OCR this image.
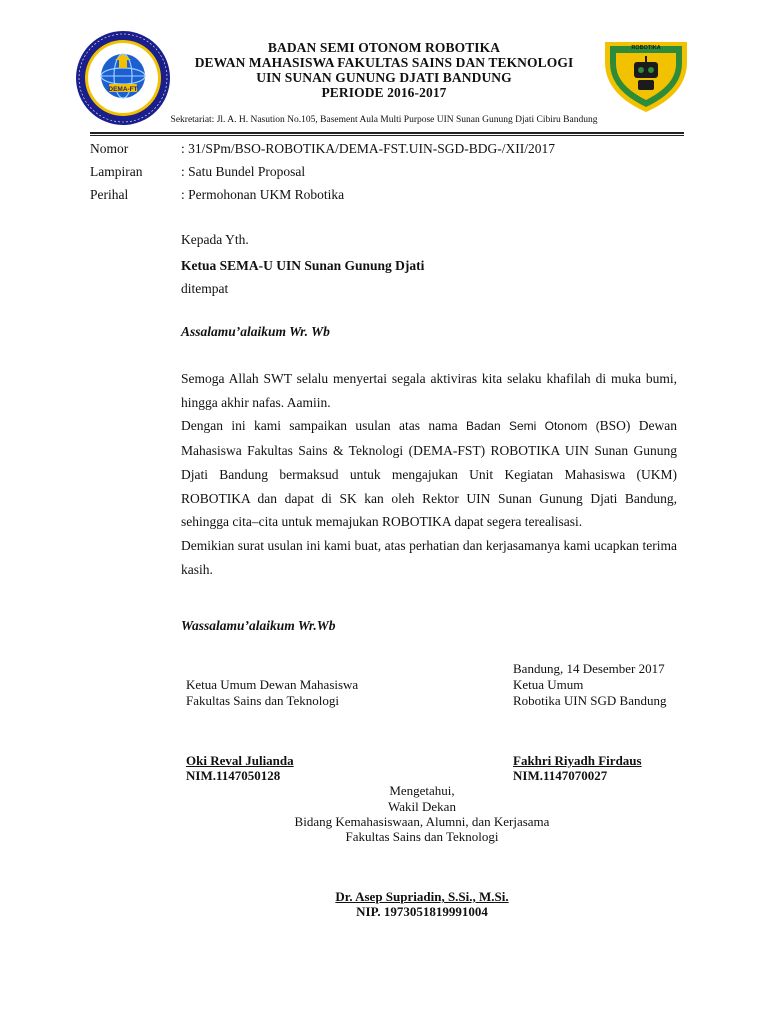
DEMA-FT
ROBOTIKA
BADAN SEMI OTONOM ROBOTIKA
DEWAN MAHASISWA FAKULTAS SAINS DAN TEKNOLOGI
UIN SUNAN GUNUNG DJATI BANDUNG
PERIODE 2016-2017
Sekretariat: Jl. A. H. Nasution No.105, Basement Aula Multi Purpose UIN Sunan Gunung Djati Cibiru Bandung
Nomor	: 31/SPm/BSO-ROBOTIKA/DEMA-FST.UIN-SGD-BDG-/XII/2017
Lampiran	: Satu Bundel Proposal
Perihal	: Permohonan UKM Robotika
Kepada Yth.
Ketua SEMA-U UIN Sunan Gunung Djati
ditempat
Assalamu’alaikum Wr. Wb
Semoga Allah SWT selalu menyertai segala aktiviras kita selaku khafilah di muka bumi, hingga akhir nafas. Aamiin.
Dengan ini kami sampaikan usulan atas nama Badan Semi Otonom (BSO) Dewan Mahasiswa Fakultas Sains & Teknologi (DEMA-FST) ROBOTIKA UIN Sunan Gunung Djati Bandung bermaksud untuk mengajukan Unit Kegiatan Mahasiswa (UKM) ROBOTIKA dan dapat di SK kan oleh Rektor UIN Sunan Gunung Djati Bandung, sehingga cita–cita untuk memajukan ROBOTIKA dapat segera terealisasi.
Demikian surat usulan ini kami buat, atas perhatian dan kerjasamanya kami ucapkan terima kasih.
Wassalamu’alaikum Wr.Wb
Bandung, 14 Desember 2017
Ketua Umum Dewan Mahasiswa
Fakultas Sains dan Teknologi
Ketua Umum
Robotika UIN SGD Bandung
Oki Reval Julianda
NIM.1147050128
Fakhri Riyadh Firdaus
NIM.1147070027
Mengetahui,
Wakil Dekan
Bidang Kemahasiswaan, Alumni, dan Kerjasama
Fakultas Sains dan Teknologi
Dr. Asep Supriadin, S.Si., M.Si.
NIP. 1973051819991004
